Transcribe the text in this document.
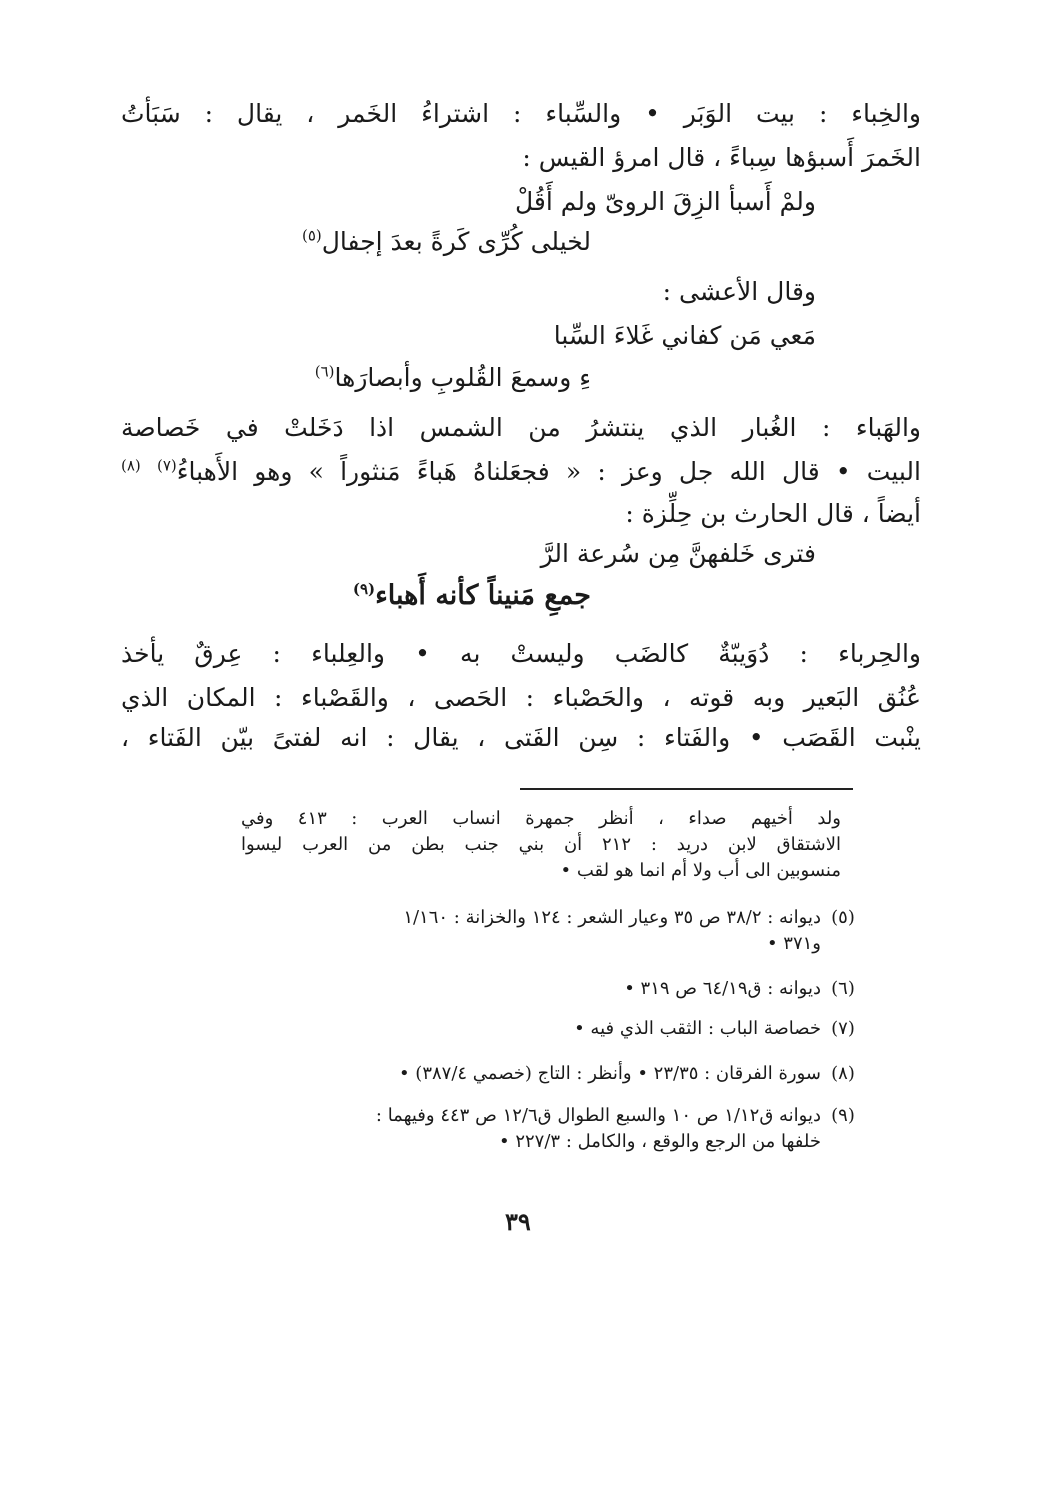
والخِباء : بيت الوَبَر • والسِّباء : اشتراءُ الخَمر ، يقال : سَبَأتُ
الخَمرَ أَسبؤها سِباءً ، قال امرؤ القيس :
ولمْ أَسبأ الزِقَ الروىّ ولم أَقُلْ
لخيلى كُرِّى كَرةً بعدَ إجفال$^{(٥)}$
وقال الأعشى :
مَعي مَن كفاني غَلاءَ السِّبا
ءِ وسمعَ القُلوبِ وأبصارَها$^{(٦)}$
والهَباء : الغُبار الذي ينتشرُ من الشمس اذا دَخَلتْ في خَصاصة
البيت • قال الله جل وعز : « فجعَلناهُ هَباءً مَنثوراً » وهو الأَهباءُ$^{(٧)}$ $^{(٨)}$
أيضاً ، قال الحارث بن حِلِّزة :
فترى خَلفهنَّ مِن سُرعة الرَّ
جمعِ مَنيناً كأنه أَهباء$^{(٩)}$
والحِرباء : دُوَيبّةٌ كالضَب وليستْ به • والعِلباء : عِرقٌ يأخذ
عُنُق البَعير وبه قوته ، والحَصْباء : الحَصى ، والقَصْباء : المكان الذي
ينْبت القَصَب • والفَتاء : سِن الفَتى ، يقال : انه لفتىً بيّن الفَتاء ،
ولد أخيهم صداء ، أنظر جمهرة انساب العرب : ٤١٣ وفي
الاشتقاق لابن دريد : ٢١٢ أن بني جنب بطن من العرب ليسوا
منسوبين الى أب ولا أم انما هو لقب •
(٥)
ديوانه : ٣٨/٢ ص ٣٥ وعيار الشعر : ١٢٤ والخزانة : ١/١٦٠
و٣٧١ •
(٦)
ديوانه : ق٦٤/١٩ ص ٣١٩ •
(٧)
خصاصة الباب : الثقب الذي فيه •
(٨)
سورة الفرقان : ٢٣/٣٥ • وأنظر : التاج (خصمي ٣٨٧/٤) •
(٩)
ديوانه ق١/١٢ ص ١٠ والسبع الطوال ق١٢/٦ ص ٤٤٣ وفيهما :
خلفها من الرجع والوقع ، والكامل : ٢٢٧/٣ •
٣٩
